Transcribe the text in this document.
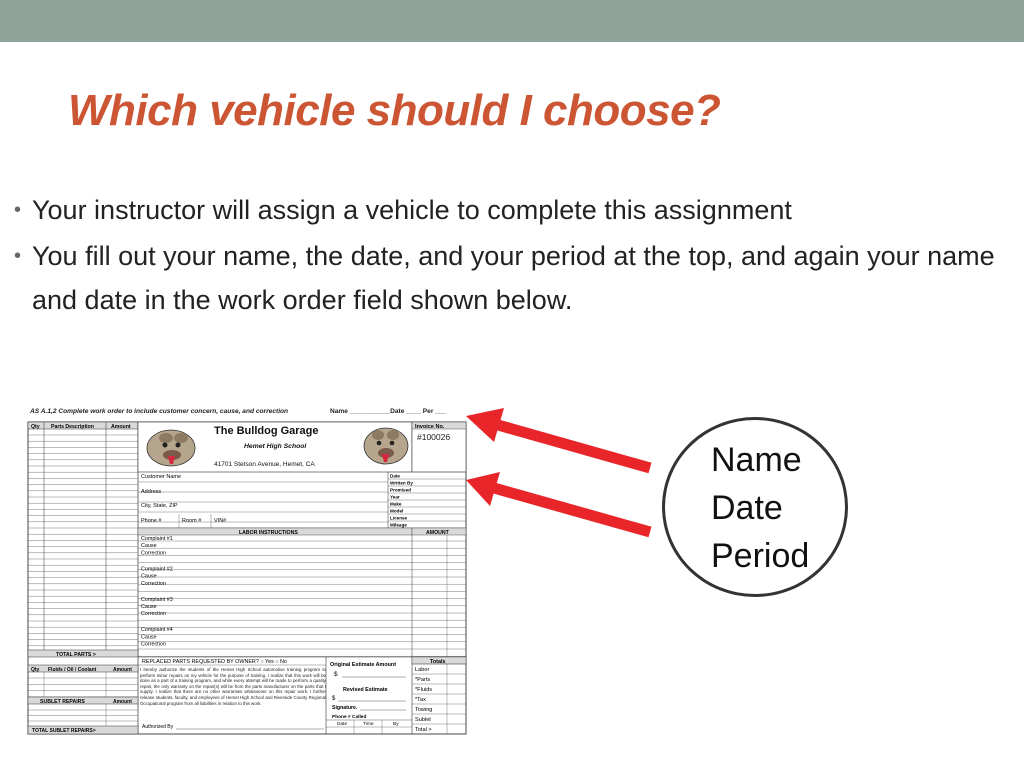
Which vehicle should I choose?
• Your instructor will assign a vehicle to complete this assignment
• You fill out your name, the date, and your period at the top, and again your name and date in the work order field shown below.
AS A.1,2 Complete work order to include customer concern, cause, and correction	Name ___________Date ____ Per ___
Qty Parts Description	Amount
TOTAL PARTS >
Qty Fluids / Oil / Coolant	Amount
SUBLET REPAIRS	Amount
TOTAL SUBLET REPAIRS>
The Bulldog Garage
Hemet High School
41701 Stetson Avenue, Hemet, CA
Invoice No.
#100026
Customer Name
Address
City, State, ZIP
Phone #	Room # VIN#
Date
Written By
Promised
Year
Make
Model
License
Mileage
LABOR INSTRUCTIONS	AMOUNT
Complaint #1
Cause
Correction
Complaint #2
Cause
Correction
Complaint #3
Cause
Correction
Complaint #4
Cause
Correction
REPLACED PARTS REQUESTED BY OWNER? ○ Yes ○ No
I hereby authorize the students of the Hemet High School automotive training program to perform minor repairs on my vehicle for the purpose of training. I realize that this work will be done as a part of a training program, and while every attempt will be made to perform a quality repair, the only warranty on the repair(s) will be from the parts manufacturer on the parts that I supply. I realize that there are no other warranties whatsoever on this repair work. I further release students, faculty, and employees of Hemet High School and Riverside County Regional Occupational program from all liabilities in relation to this work.
Authorized By
Original Estimate Amount
$
Revised Estimate
$
Signature.
Phone # Called
Date	Time	By
Totals
Labor
*Parts
*Fluids
*Tax
Towing
Sublet
Total >
Name
Date
Period
